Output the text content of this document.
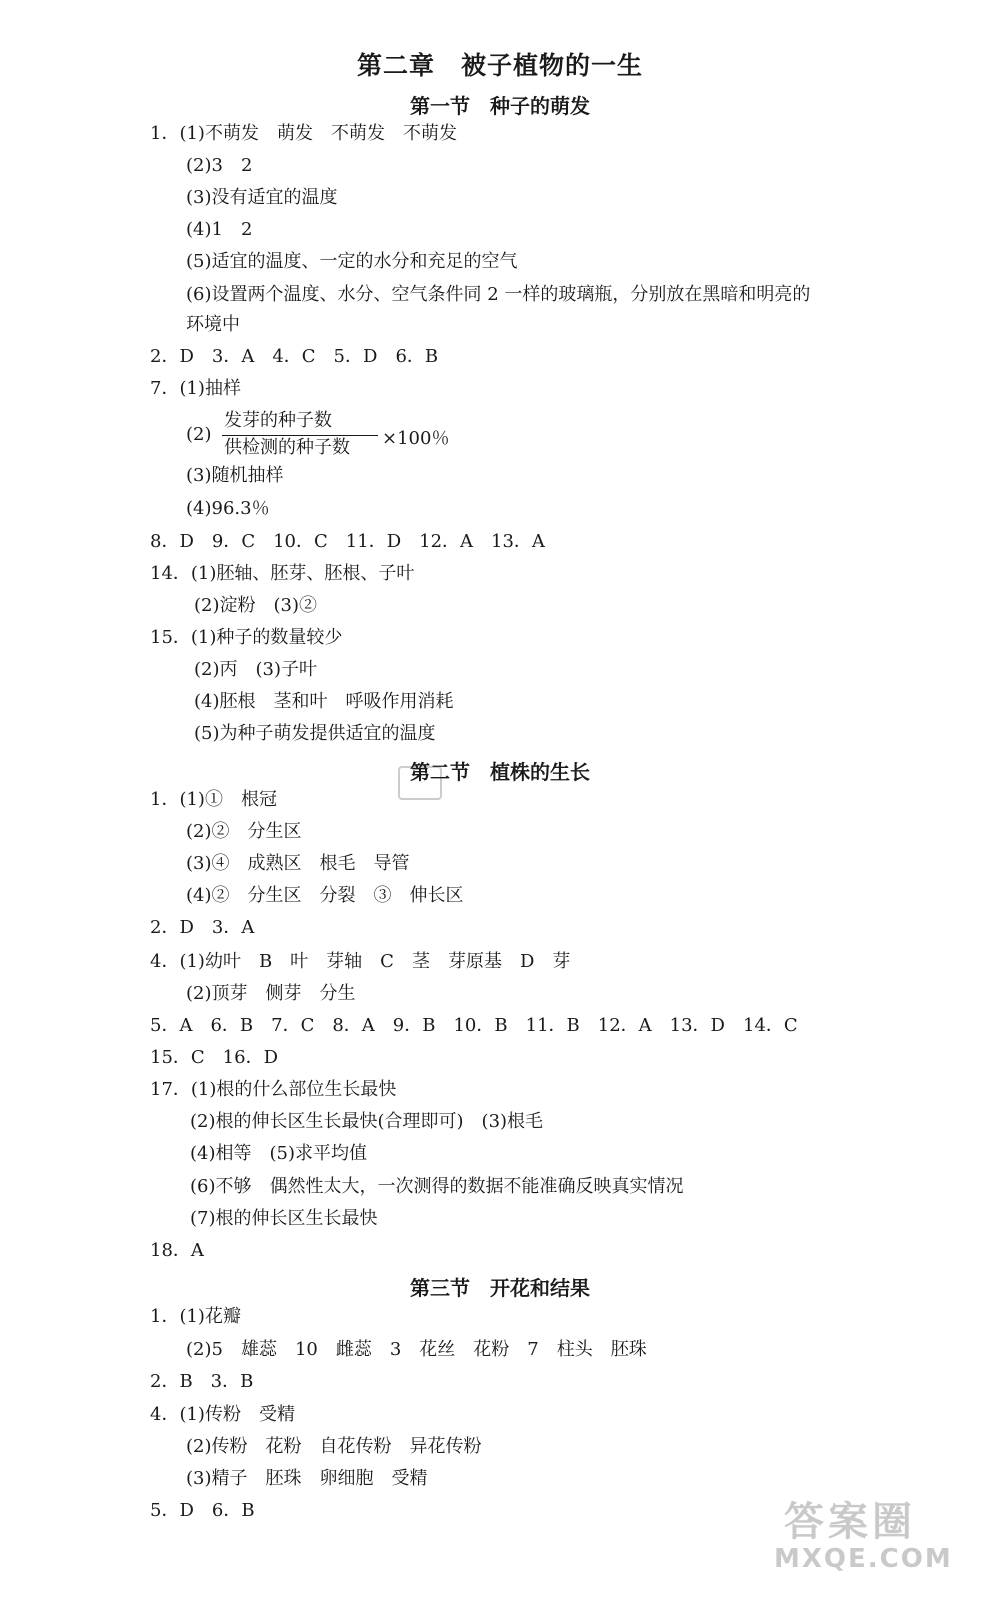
第二章　被子植物的一生
第一节　种子的萌发
1．(1)不萌发　萌发　不萌发　不萌发
(2)3　2
(3)没有适宜的温度
(4)1　2
(5)适宜的温度、一定的水分和充足的空气
(6)设置两个温度、水分、空气条件同 2 一样的玻璃瓶，分别放在黑暗和明亮的
环境中
2．D　3．A　4．C　5．D　6．B
7．(1)抽样
(2)
发芽的种子数
供检测的种子数 ×100％
(3)随机抽样
(4)96.3％
8．D　9．C　10．C　11．D　12．A　13．A
14．(1)胚轴、胚芽、胚根、子叶
(2)淀粉　(3)②
15．(1)种子的数量较少
(2)丙　(3)子叶
(4)胚根　茎和叶　呼吸作用消耗
(5)为种子萌发提供适宜的温度
第二节　植株的生长
1．(1)①　根冠
(2)②　分生区
(3)④　成熟区　根毛　导管
(4)②　分生区　分裂　③　伸长区
2．D　3．A
4．(1)幼叶　B　叶　芽轴　C　茎　芽原基　D　芽
(2)顶芽　侧芽　分生
5．A　6．B　7．C　8．A　9．B　10．B　11．B　12．A　13．D　14．C
15．C　16．D
17．(1)根的什么部位生长最快
(2)根的伸长区生长最快(合理即可)　(3)根毛
(4)相等　(5)求平均值
(6)不够　偶然性太大，一次测得的数据不能准确反映真实情况
(7)根的伸长区生长最快
18．A
第三节　开花和结果
1．(1)花瓣
(2)5　雄蕊　10　雌蕊　3　花丝　花粉　7　柱头　胚珠
2．B　3．B
4．(1)传粉　受精
(2)传粉　花粉　自花传粉　异花传粉
(3)精子　胚珠　卵细胞　受精
5．D　6．B	答案圈
MXQE.COM
